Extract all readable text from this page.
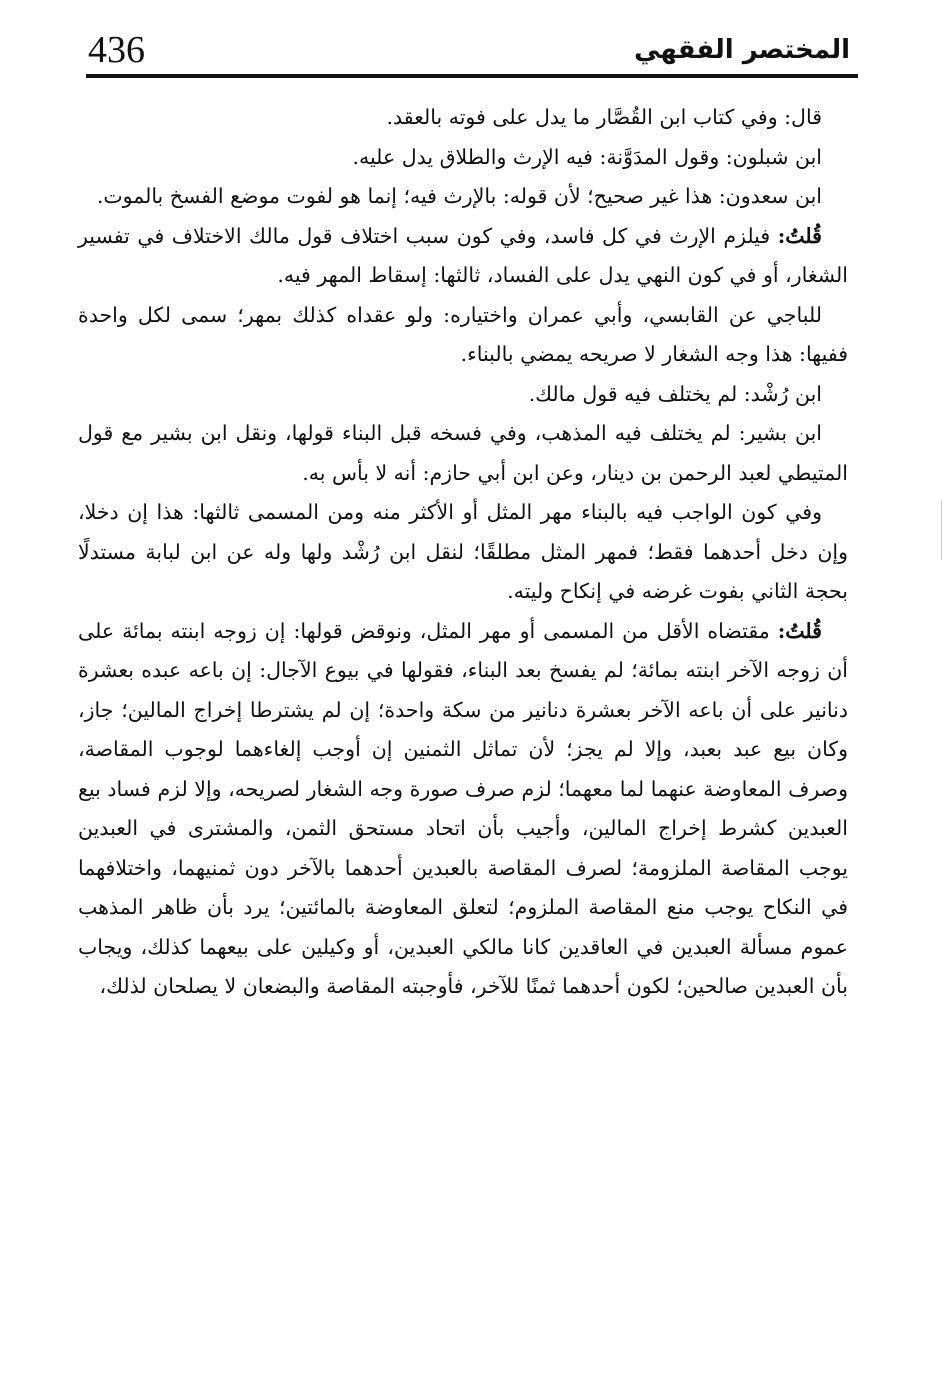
436	المختصر الفقهي

قال: وفي كتاب ابن القُصَّار ما يدل على فوته بالعقد.

ابن شبلون: وقول المدَوَّنة: فيه الإرث والطلاق يدل عليه.

ابن سعدون: هذا غير صحيح؛ لأن قوله: بالإرث فيه؛ إنما هو لفوت موضع الفسخ بالموت.

قُلتُ: فيلزم الإرث في كل فاسد، وفي كون سبب اختلاف قول مالك الاختلاف في تفسير الشغار، أو في كون النهي يدل على الفساد، ثالثها: إسقاط المهر فيه.

للباجي عن القابسي، وأبي عمران واختياره: ولو عقداه كذلك بمهر؛ سمى لكل واحدة ففيها: هذا وجه الشغار لا صريحه يمضي بالبناء.

ابن رُشْد: لم يختلف فيه قول مالك.

ابن بشير: لم يختلف فيه المذهب، وفي فسخه قبل البناء قولها، ونقل ابن بشير مع قول المتيطي لعبد الرحمن بن دينار، وعن ابن أبي حازم: أنه لا بأس به.

وفي كون الواجب فيه بالبناء مهر المثل أو الأكثر منه ومن المسمى ثالثها: هذا إن دخلا، وإن دخل أحدهما فقط؛ فمهر المثل مطلقًا؛ لنقل ابن رُشْد ولها وله عن ابن لبابة مستدلًا بحجة الثاني بفوت غرضه في إنكاح وليته.

قُلتُ: مقتضاه الأقل من المسمى أو مهر المثل، ونوقض قولها: إن زوجه ابنته بمائة على أن زوجه الآخر ابنته بمائة؛ لم يفسخ بعد البناء، فقولها في بيوع الآجال: إن باعه عبده بعشرة دنانير على أن باعه الآخر بعشرة دنانير من سكة واحدة؛ إن لم يشترطا إخراج المالين؛ جاز، وكان بيع عبد بعبد، وإلا لم يجز؛ لأن تماثل الثمنين إن أوجب إلغاءهما لوجوب المقاصة، وصرف المعاوضة عنهما لما معهما؛ لزم صرف صورة وجه الشغار لصريحه، وإلا لزم فساد بيع العبدين كشرط إخراج المالين، وأجيب بأن اتحاد مستحق الثمن، والمشترى في العبدين يوجب المقاصة الملزومة؛ لصرف المقاصة بالعبدين أحدهما بالآخر دون ثمنيهما، واختلافهما في النكاح يوجب منع المقاصة الملزوم؛ لتعلق المعاوضة بالمائتين؛ يرد بأن ظاهر المذهب عموم مسألة العبدين في العاقدين كانا مالكي العبدين، أو وكيلين على بيعهما كذلك، ويجاب بأن العبدين صالحين؛ لكون أحدهما ثمنًا للآخر، فأوجبته المقاصة والبضعان لا يصلحان لذلك،
